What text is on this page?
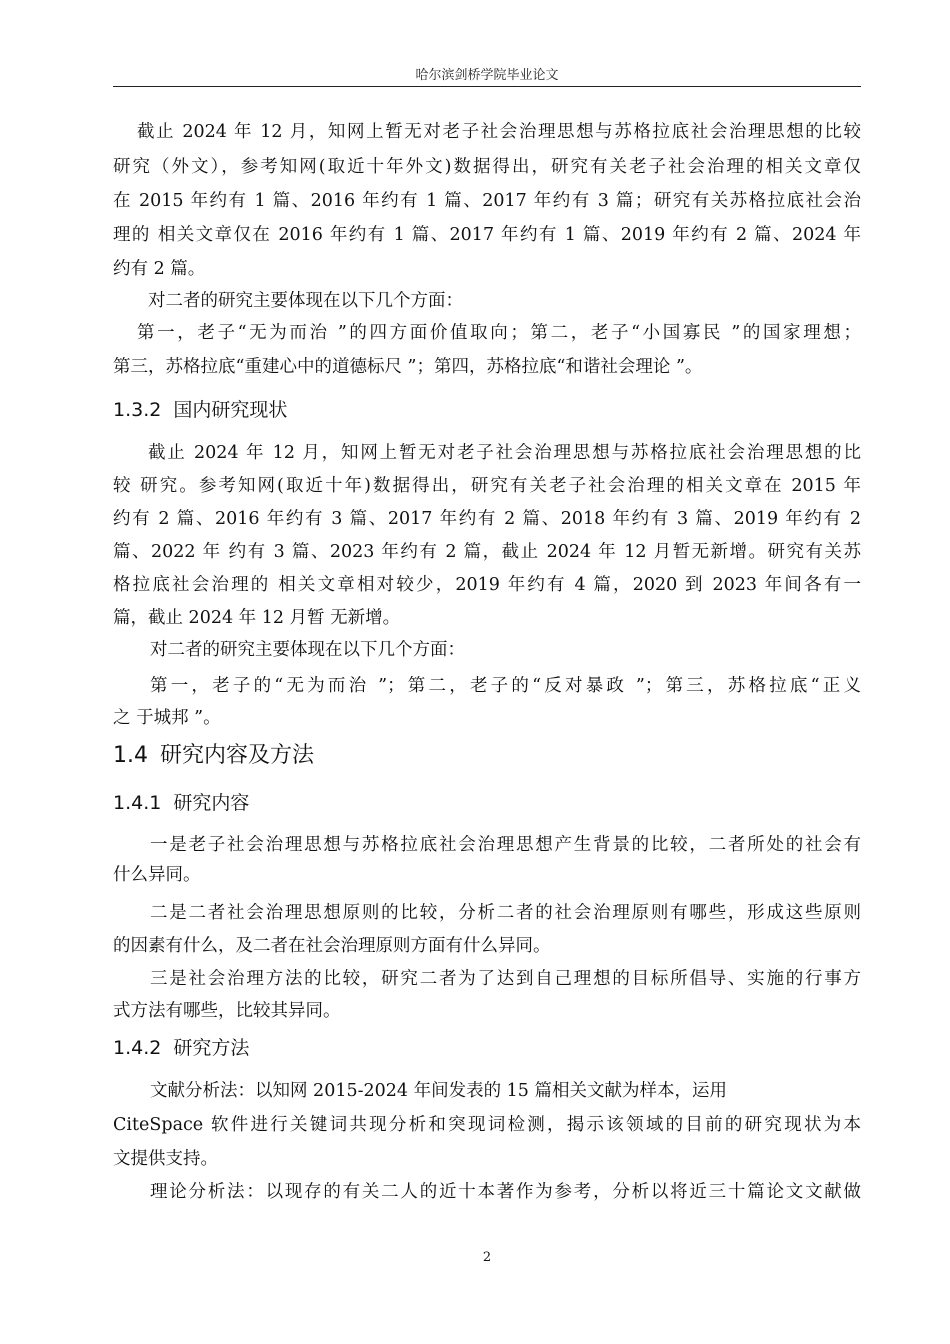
哈尔滨剑桥学院毕业论文
截止 2024 年 12 月，知网上暂无对老子社会治理思想与苏格拉底社会治理思想的比较
研究（外文），参考知网(取近十年外文)数据得出，研究有关老子社会治理的相关文章仅
在 2015 年约有 1 篇、2016 年约有 1 篇、2017 年约有 3 篇；研究有关苏格拉底社会治
理的 相关文章仅在 2016 年约有 1 篇、2017 年约有 1 篇、2019 年约有 2 篇、2024 年
约有 2 篇。
对二者的研究主要体现在以下几个方面：
第一，老子“无为而治 ”的四方面价值取向；第二，老子“小国寡民 ”的国家理想；
第三，苏格拉底“重建心中的道德标尺 ”；第四，苏格拉底“和谐社会理论 ”。
1.3.2 国内研究现状
截止 2024 年 12 月，知网上暂无对老子社会治理思想与苏格拉底社会治理思想的比
较 研究。参考知网(取近十年)数据得出，研究有关老子社会治理的相关文章在 2015 年
约有 2 篇、2016 年约有 3 篇、2017 年约有 2 篇、2018 年约有 3 篇、2019 年约有 2
篇、2022 年 约有 3 篇、2023 年约有 2 篇，截止 2024 年 12 月暂无新增。研究有关苏
格拉底社会治理的 相关文章相对较少，2019 年约有 4 篇，2020 到 2023 年间各有一
篇，截止 2024 年 12 月暂 无新增。
对二者的研究主要体现在以下几个方面：
第一，老子的“无为而治 ”；第二，老子的“反对暴政 ”；第三，苏格拉底“正义
之 于城邦 ”。
1.4 研究内容及方法
1.4.1 研究内容
一是老子社会治理思想与苏格拉底社会治理思想产生背景的比较，二者所处的社会有
什么异同。
二是二者社会治理思想原则的比较，分析二者的社会治理原则有哪些，形成这些原则
的因素有什么，及二者在社会治理原则方面有什么异同。
三是社会治理方法的比较，研究二者为了达到自己理想的目标所倡导、实施的行事方
式方法有哪些，比较其异同。
1.4.2 研究方法
文献分析法：以知网 2015-2024 年间发表的 15 篇相关文献为样本，运用
CiteSpace 软件进行关键词共现分析和突现词检测，揭示该领域的目前的研究现状为本
文提供支持。
理论分析法：以现存的有关二人的近十本著作为参考，分析以将近三十篇论文文献做
2
